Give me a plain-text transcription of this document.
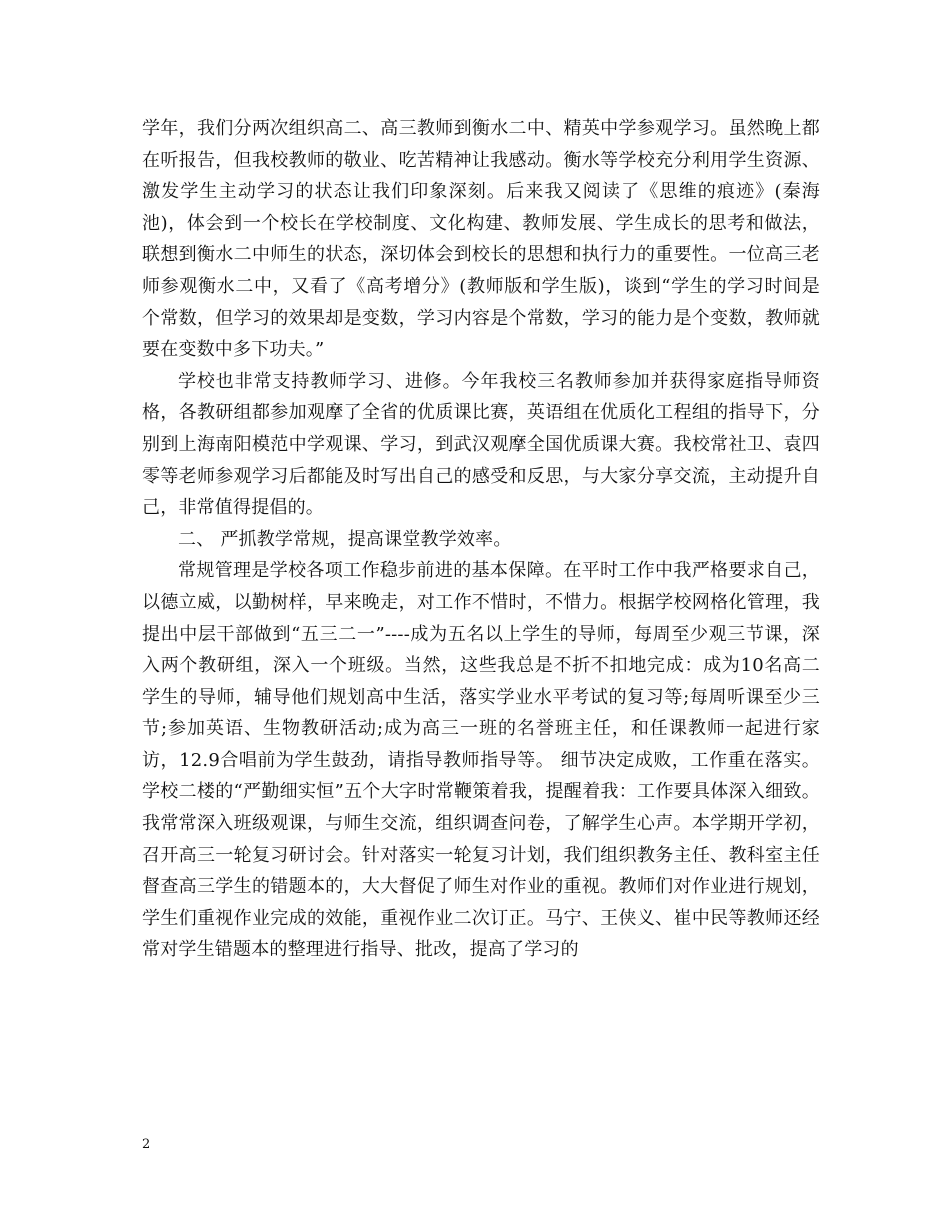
学年，我们分两次组织高二、高三教师到衡水二中、精英中学参观学习。虽然晚上都在听报告，但我校教师的敬业、吃苦精神让我感动。衡水等学校充分利用学生资源、激发学生主动学习的状态让我们印象深刻。后来我又阅读了《思维的痕迹》(秦海池)，体会到一个校长在学校制度、文化构建、教师发展、学生成长的思考和做法，联想到衡水二中师生的状态，深切体会到校长的思想和执行力的重要性。一位高三老师参观衡水二中，又看了《高考增分》(教师版和学生版)，谈到“学生的学习时间是个常数，但学习的效果却是变数，学习内容是个常数，学习的能力是个变数，教师就要在变数中多下功夫。”

学校也非常支持教师学习、进修。今年我校三名教师参加并获得家庭指导师资格，各教研组都参加观摩了全省的优质课比赛，英语组在优质化工程组的指导下，分别到上海南阳模范中学观课、学习，到武汉观摩全国优质课大赛。我校常社卫、袁四零等老师参观学习后都能及时写出自己的感受和反思，与大家分享交流，主动提升自己，非常值得提倡的。

二、 严抓教学常规，提高课堂教学效率。

常规管理是学校各项工作稳步前进的基本保障。在平时工作中我严格要求自己，以德立威，以勤树样，早来晚走，对工作不惜时，不惜力。根据学校网格化管理，我提出中层干部做到“五三二一”----成为五名以上学生的导师，每周至少观三节课，深入两个教研组，深入一个班级。当然，这些我总是不折不扣地完成：成为10名高二学生的导师，辅导他们规划高中生活，落实学业水平考试的复习等;每周听课至少三节;参加英语、生物教研活动;成为高三一班的名誉班主任，和任课教师一起进行家访，12.9合唱前为学生鼓劲，请指导教师指导等。 细节决定成败，工作重在落实。学校二楼的“严勤细实恒”五个大字时常鞭策着我，提醒着我：工作要具体深入细致。我常常深入班级观课，与师生交流，组织调查问卷，了解学生心声。本学期开学初，召开高三一轮复习研讨会。针对落实一轮复习计划，我们组织教务主任、教科室主任督查高三学生的错题本的，大大督促了师生对作业的重视。教师们对作业进行规划，学生们重视作业完成的效能，重视作业二次订正。马宁、王侠义、崔中民等教师还经常对学生错题本的整理进行指导、批改，提高了学习的

2
